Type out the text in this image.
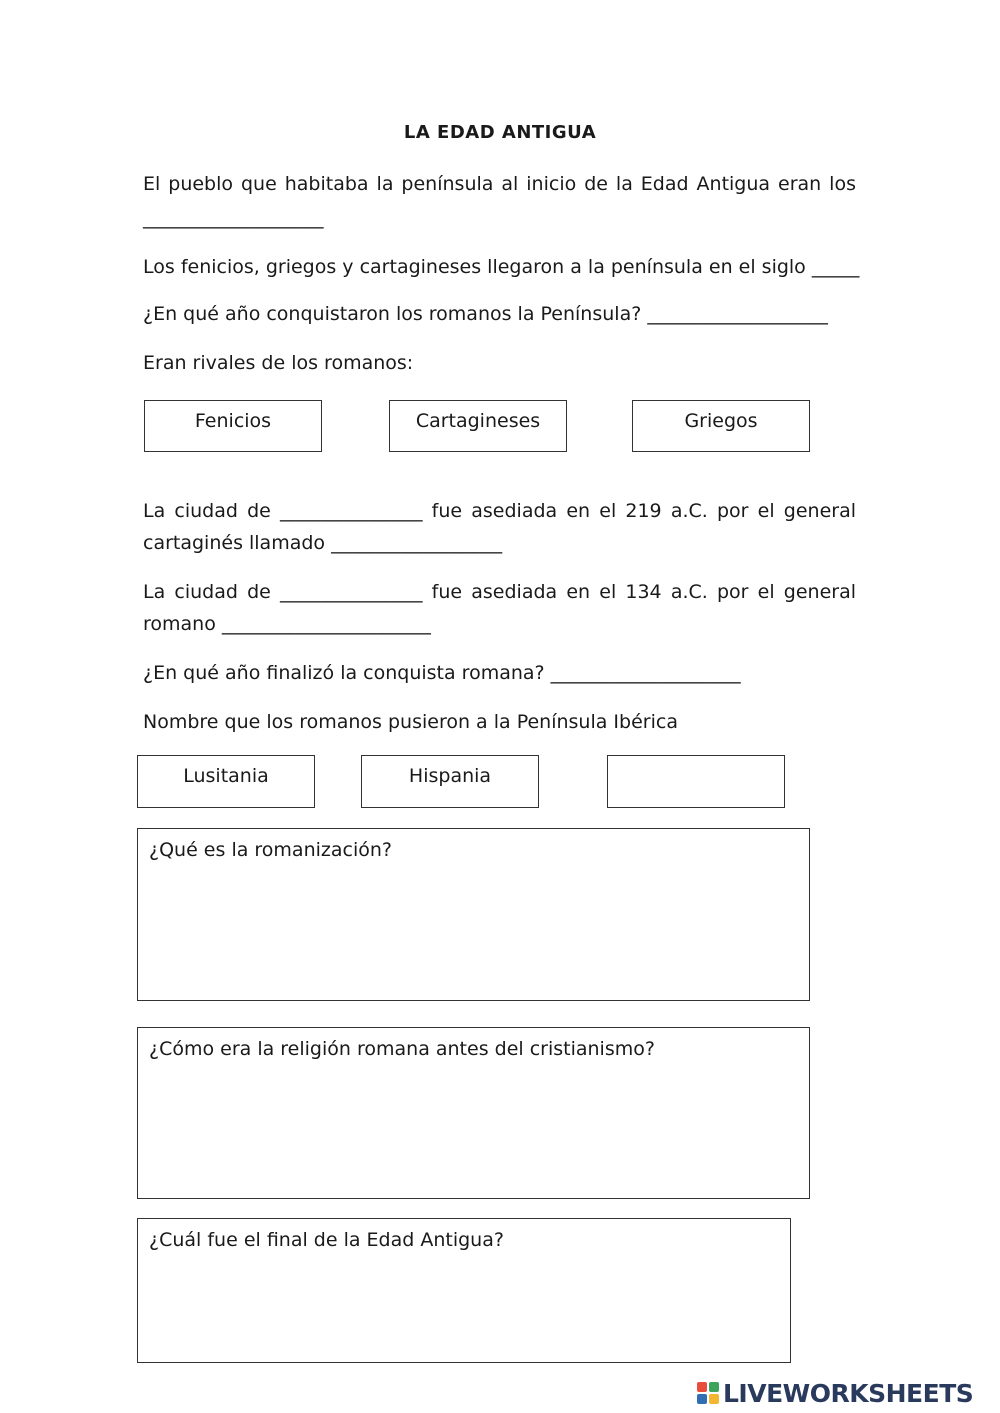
LA EDAD ANTIGUA
El pueblo que habitaba la península al inicio de la Edad Antigua eran los
___________________
Los fenicios, griegos y cartagineses llegaron a la península en el siglo _____
¿En qué año conquistaron los romanos la Península? ___________________
Eran rivales de los romanos:
Fenicios	Cartagineses	Griegos
La ciudad de _______________ fue asediada en el 219 a.C. por el general
cartaginés llamado __________________
La ciudad de _______________ fue asediada en el 134 a.C. por el general
romano ______________________
¿En qué año finalizó la conquista romana? ____________________
Nombre que los romanos pusieron a la Península Ibérica
Lusitania	Hispania
¿Qué es la romanización?
¿Cómo era la religión romana antes del cristianismo?
¿Cuál fue el final de la Edad Antigua?
LIVEWORKSHEETS
